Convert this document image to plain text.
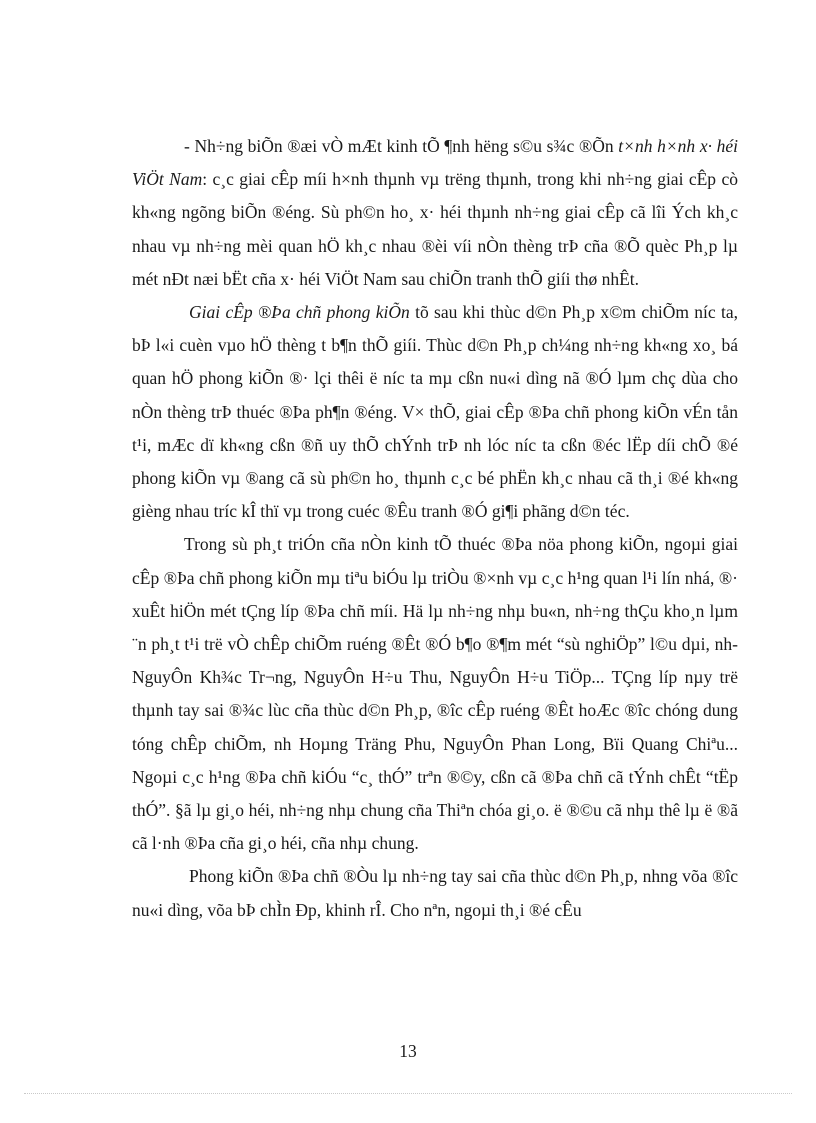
- Nh÷ng biÕn ®æi vÒ mÆt kinh tÕ ¶nh hëng s©u s¾c ®Õn t×nh h×nh x· héi ViÖt Nam: c¸c giai cÊp míi h×nh thµnh vµ trëng thµnh, trong khi nh÷ng giai cÊp cò kh«ng ngõng biÕn ®éng. Sù ph©n ho¸ x· héi thµnh nh÷ng giai cÊp cã lîi Ých kh¸c nhau vµ nh÷ng mèi quan hÖ kh¸c nhau ®èi víi nÒn thèng trÞ cña ®Õ quèc Ph¸p lµ mét nÐt næi bËt cña x· héi ViÖt Nam sau chiÕn tranh thÕ giíi thø nhÊt.

Giai cÊp ®Þa chñ phong kiÕn tõ sau khi thùc d©n Ph¸p x©m chiÕm níc ta, bÞ l«i cuèn vµo hÖ thèng t b¶n thÕ giíi. Thùc d©n Ph¸p ch¼ng nh÷ng kh«ng xo¸ bá quan hÖ phong kiÕn ®· lçi thêi ë níc ta mµ cßn nu«i dìng nã ®Ó lµm chç dùa cho nÒn thèng trÞ thuéc ®Þa ph¶n ®éng. V× thÕ, giai cÊp ®Þa chñ phong kiÕn vÉn tån t¹i, mÆc dï kh«ng cßn ®ñ uy thÕ chÝnh trÞ nh lóc níc ta cßn ®éc lËp díi chÕ ®é phong kiÕn vµ ®ang cã sù ph©n ho¸ thµnh c¸c bé phËn kh¸c nhau cã th¸i ®é kh«ng gièng nhau tríc kÎ thï vµ trong cuéc ®Êu tranh ®Ó gi¶i phãng d©n téc.

Trong sù ph¸t triÓn cña nÒn kinh tÕ thuéc ®Þa nöa phong kiÕn, ngoµi giai cÊp ®Þa chñ phong kiÕn mµ tiªu biÓu lµ triÒu ®×nh vµ c¸c h¹ng quan l¹i lín nhá, ®· xuÊt hiÖn mét tÇng líp ®Þa chñ míi. Hä lµ nh÷ng nhµ bu«n, nh÷ng thÇu kho¸n lµm ¨n ph¸t t¹i trë vÒ chÊp chiÕm ruéng ®Êt ®Ó b¶o ®¶m mét “sù nghiÖp” l©u dµi, nh NguyÔn Kh¾c Tr¬ng, NguyÔn H÷u Thu, NguyÔn H÷u TiÖp... TÇng líp nµy trë thµnh tay sai ®¾c lùc cña thùc d©n Ph¸p, ®îc cÊp ruéng ®Êt hoÆc ®îc chóng dung tóng chÊp chiÕm, nh Hoµng Träng Phu, NguyÔn Phan Long, Bïi Quang Chiªu... Ngoµi c¸c h¹ng ®Þa chñ kiÓu “c¸ thÓ” trªn ®©y, cßn cã ®Þa chñ cã tÝnh chÊt “tËp thÓ”. §ã lµ gi¸o héi, nh÷ng nhµ chung cña Thiªn chóa gi¸o. ë ®©u cã nhµ thê lµ ë ®ã cã l·nh ®Þa cña gi¸o héi, cña nhµ chung.

Phong kiÕn ®Þa chñ ®Òu lµ nh÷ng tay sai cña thùc d©n Ph¸p, nhng võa ®îc nu«i dìng, võa bÞ chÌn Ðp, khinh rÎ. Cho nªn, ngoµi th¸i ®é cÊu

13
